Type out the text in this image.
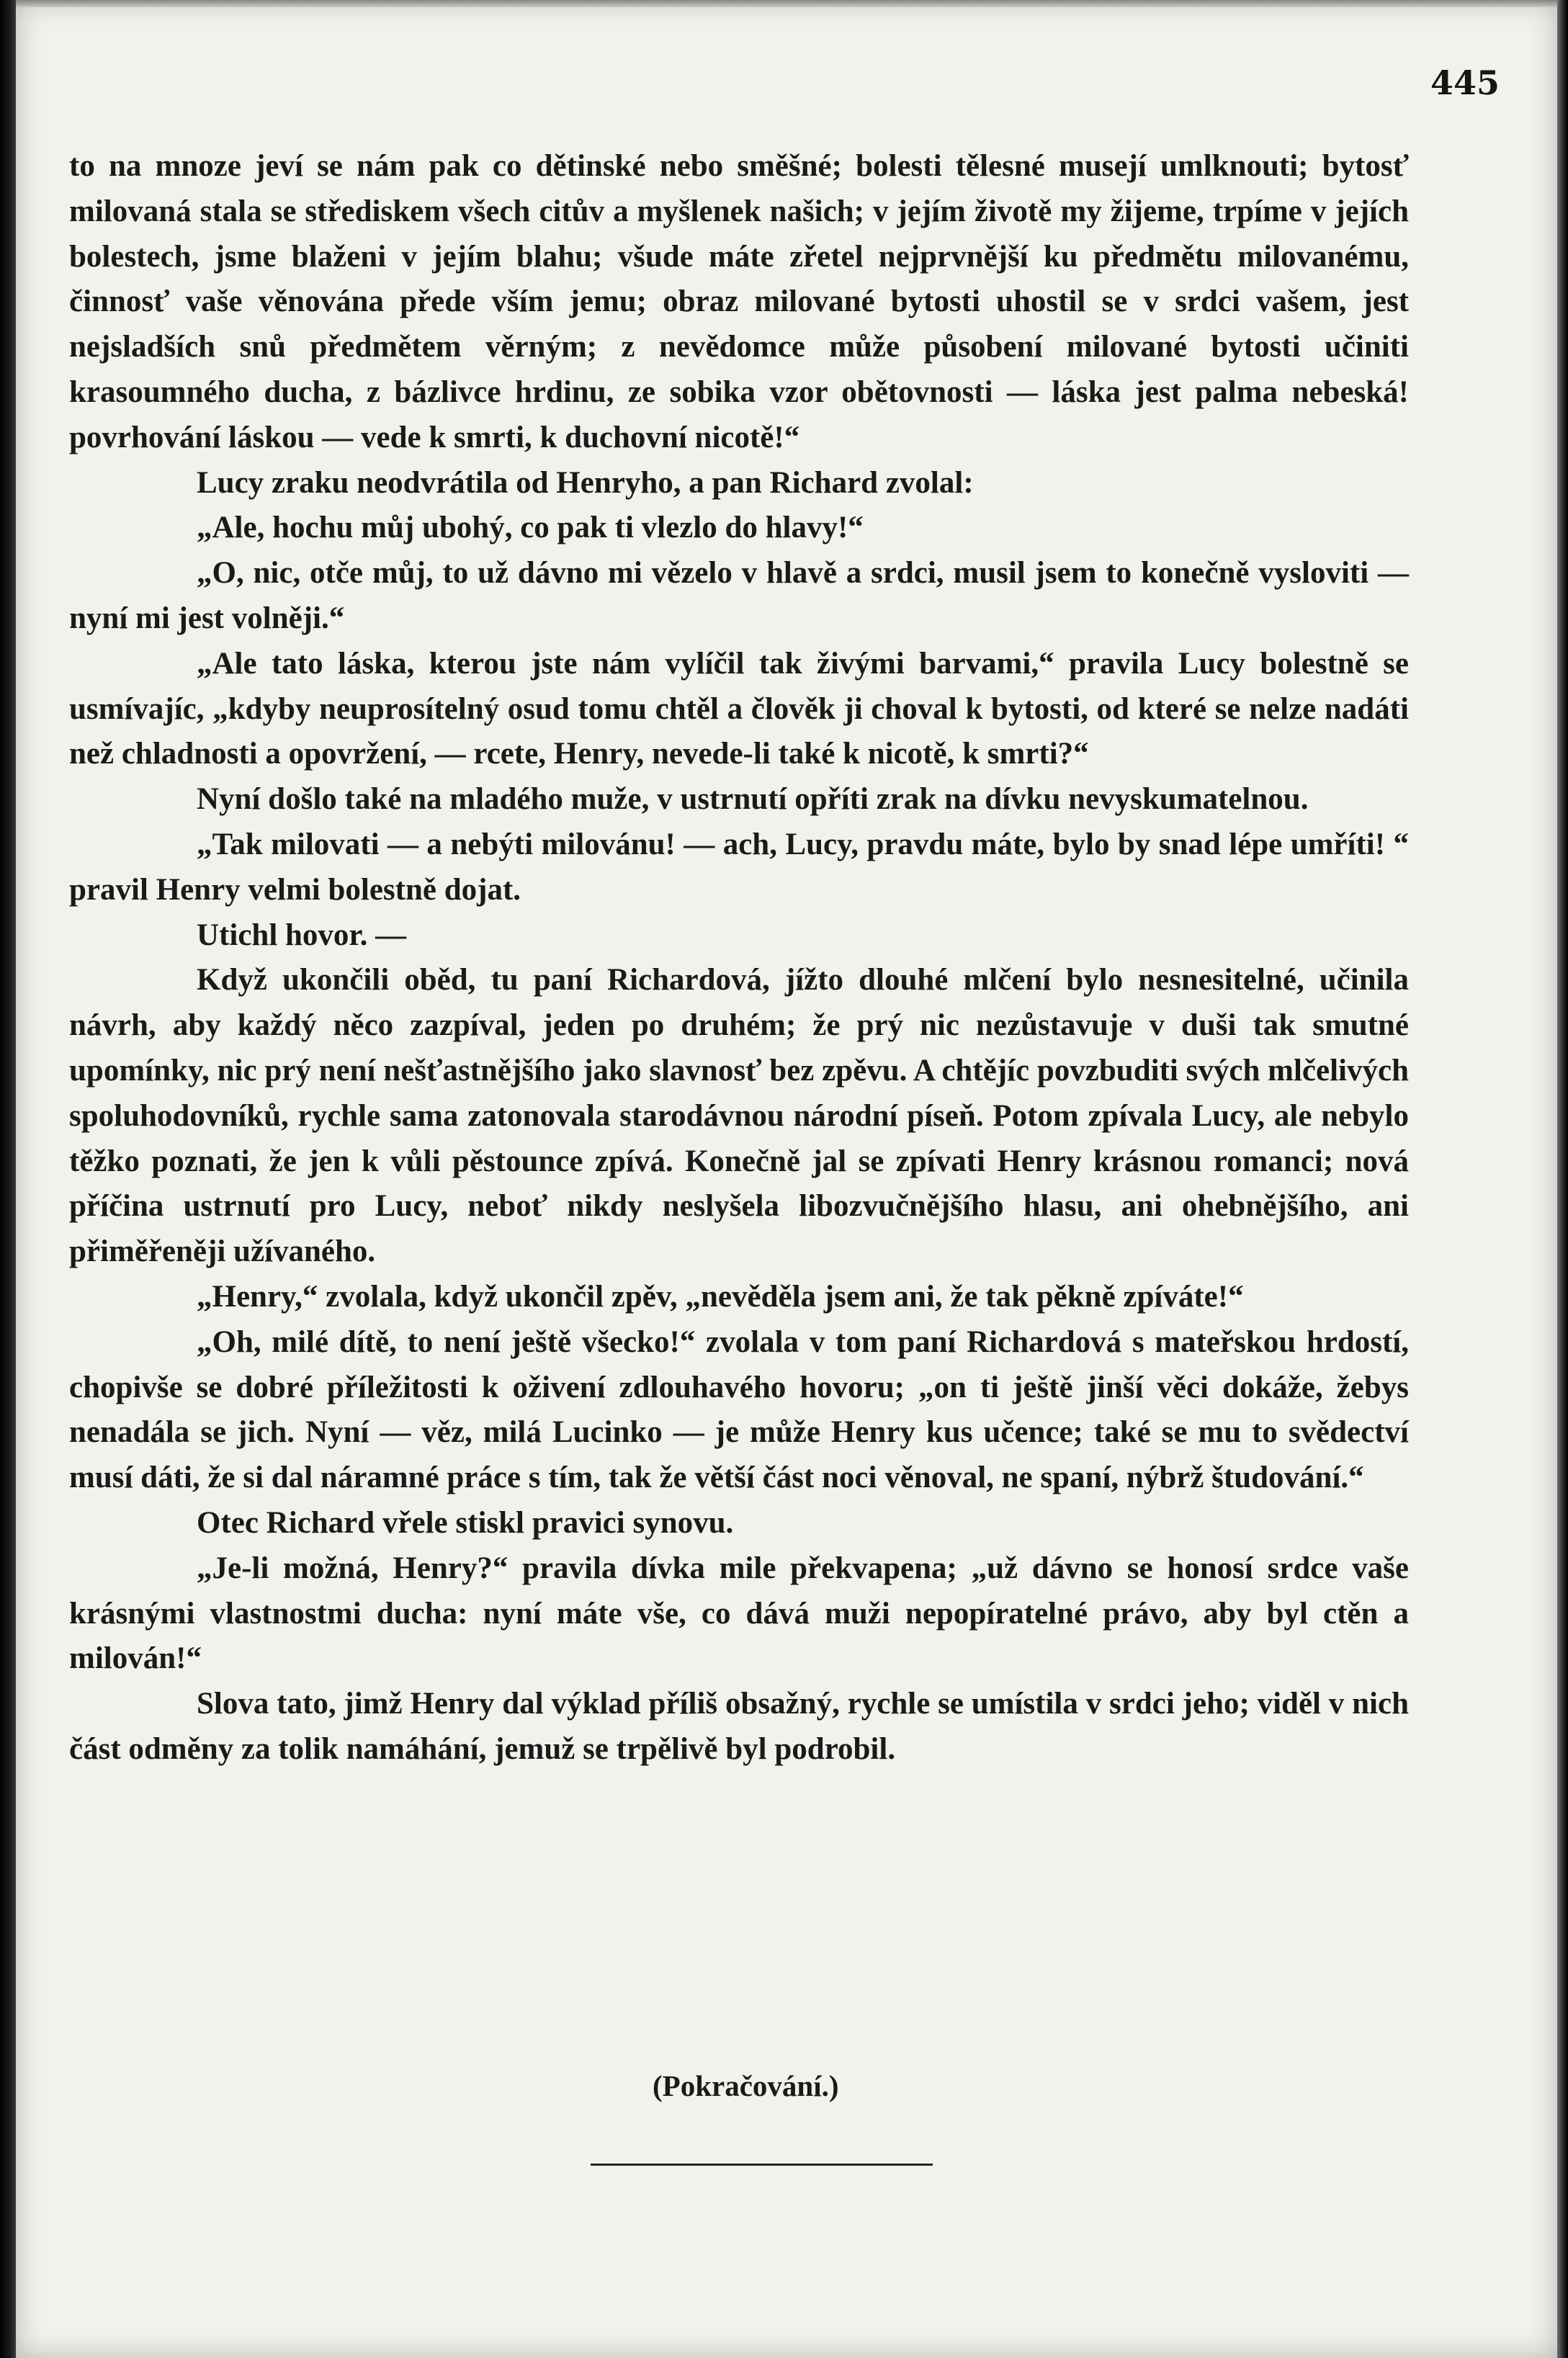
445

to na mnoze jeví se nám pak co dětinské nebo směšné; bolesti tělesné musejí umlknouti; bytosť milovaná stala se střediskem všech citův a myšlenek našich; v jejím životě my žijeme, trpíme v jejích bolestech, jsme blaženi v jejím blahu; všude máte zřetel nejprvnější ku předmětu milovanému, činnosť vaše věnována přede vším jemu; obraz milované bytosti uhostil se v srdci vašem, jest nejsladších snů předmětem věrným; z nevědomce může působení milované bytosti učiniti krasoumného ducha, z bázlivce hrdinu, ze sobika vzor obětovnosti — láska jest palma nebeská! povrhování láskou — vede k smrti, k duchovní nicotě!“

Lucy zraku neodvrátila od Henryho, a pan Richard zvolal:

„Ale, hochu můj ubohý, co pak ti vlezlo do hlavy!“

„O, nic, otče můj, to už dávno mi vězelo v hlavě a srdci, musil jsem to konečně vysloviti — nyní mi jest volněji.“

„Ale tato láska, kterou jste nám vylíčil tak živými barvami,“ pravila Lucy bolestně se usmívajíc, „kdyby neuprosítelný osud tomu chtěl a člověk ji choval k bytosti, od které se nelze nadáti než chladnosti a opovržení, — rcete, Henry, nevede-li také k nicotě, k smrti?“

Nyní došlo také na mladého muže, v ustrnutí opříti zrak na dívku nevyskumatelnou.

„Tak milovati — a nebýti milovánu! — ach, Lucy, pravdu máte, bylo by snad lépe umříti! “ pravil Henry velmi bolestně dojat.

Utichl hovor. —

Když ukončili oběd, tu paní Richardová, jížto dlouhé mlčení bylo nesnesitelné, učinila návrh, aby každý něco zazpíval, jeden po druhém; že prý nic nezůstavuje v duši tak smutné upomínky, nic prý není nešťastnějšího jako slavnosť bez zpěvu. A chtějíc povzbuditi svých mlčelivých spoluhodovníků, rychle sama zatonovala starodávnou národní píseň. Potom zpívala Lucy, ale nebylo těžko poznati, že jen k vůli pěstounce zpívá. Konečně jal se zpívati Henry krásnou romanci; nová příčina ustrnutí pro Lucy, neboť nikdy neslyšela libozvučnějšího hlasu, ani ohebnějšího, ani přiměřeněji užívaného.

„Henry,“ zvolala, když ukončil zpěv, „nevěděla jsem ani, že tak pěkně zpíváte!“

„Oh, milé dítě, to není ještě všecko!“ zvolala v tom paní Richardová s mateřskou hrdostí, chopivše se dobré příležitosti k oživení zdlouhavého hovoru; „on ti ještě jinší věci dokáže, žebys nenadála se jich. Nyní — věz, milá Lucinko — je může Henry kus učence; také se mu to svědectví musí dáti, že si dal náramné práce s tím, tak že větší část noci věnoval, ne spaní, nýbrž študování.“

Otec Richard vřele stiskl pravici synovu.

„Je-li možná, Henry?“ pravila dívka mile překvapena; „už dávno se honosí srdce vaše krásnými vlastnostmi ducha: nyní máte vše, co dává muži nepopíratelné právo, aby byl ctěn a milován!“

Slova tato, jimž Henry dal výklad příliš obsažný, rychle se umístila v srdci jeho; viděl v nich část odměny za tolik namáhání, jemuž se trpělivě byl podrobil.

(Pokračování.)
